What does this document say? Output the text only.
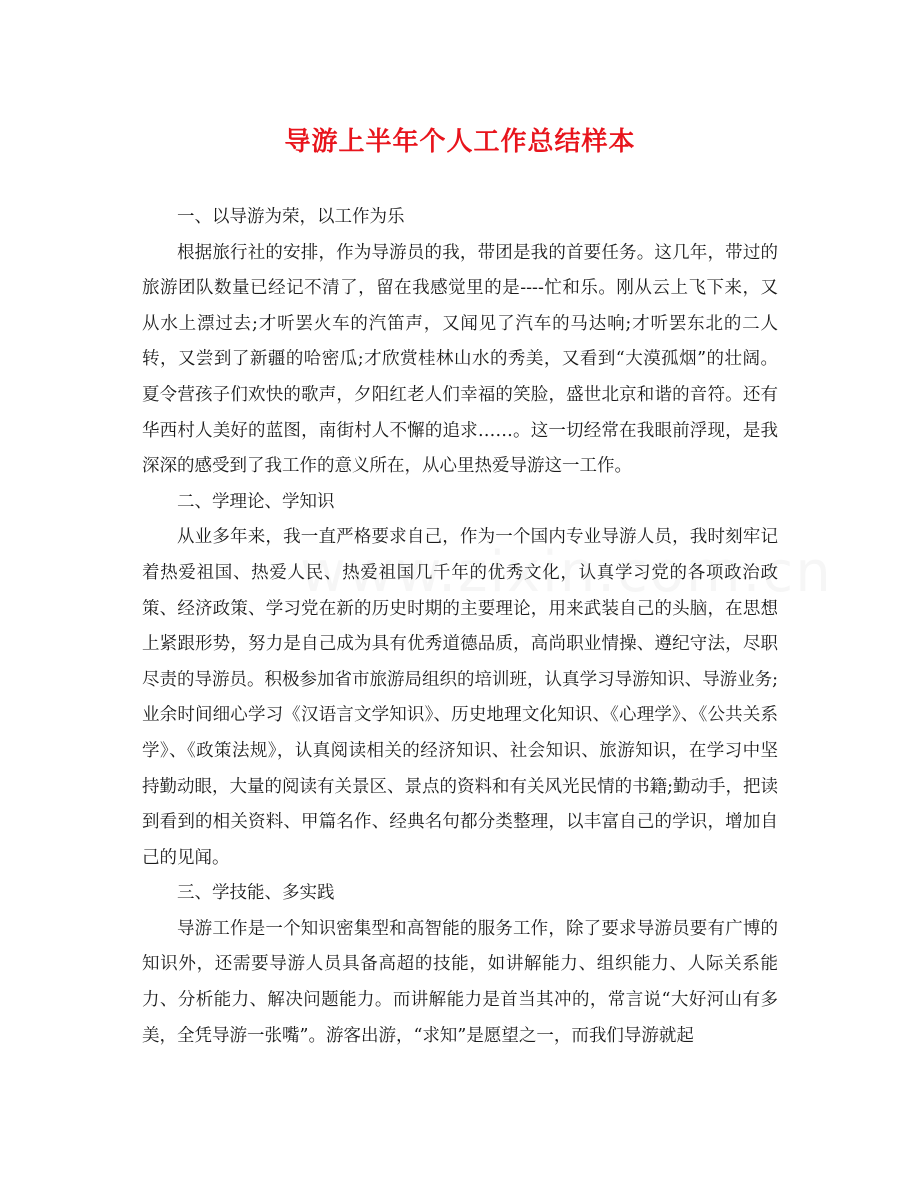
导游上半年个人工作总结样本

一、以导游为荣，以工作为乐

根据旅行社的安排，作为导游员的我，带团是我的首要任务。这几年，带过的旅游团队数量已经记不清了，留在我感觉里的是----忙和乐。刚从云上飞下来，又从水上漂过去;才听罢火车的汽笛声，又闻见了汽车的马达响;才听罢东北的二人转，又尝到了新疆的哈密瓜;才欣赏桂林山水的秀美，又看到“大漠孤烟”的壮阔。夏令营孩子们欢快的歌声，夕阳红老人们幸福的笑脸，盛世北京和谐的音符。还有华西村人美好的蓝图，南街村人不懈的追求……。这一切经常在我眼前浮现，是我深深的感受到了我工作的意义所在，从心里热爱导游这一工作。

二、学理论、学知识

从业多年来，我一直严格要求自己，作为一个国内专业导游人员，我时刻牢记着热爱祖国、热爱人民、热爱祖国几千年的优秀文化，认真学习党的各项政治政策、经济政策、学习党在新的历史时期的主要理论，用来武装自己的头脑，在思想上紧跟形势，努力是自己成为具有优秀道德品质，高尚职业情操、遵纪守法，尽职尽责的导游员。积极参加省市旅游局组织的培训班，认真学习导游知识、导游业务;业余时间细心学习《汉语言文学知识》、历史地理文化知识、《心理学》、《公共关系学》、《政策法规》，认真阅读相关的经济知识、社会知识、旅游知识，在学习中坚持勤动眼，大量的阅读有关景区、景点的资料和有关风光民情的书籍;勤动手，把读到看到的相关资料、甲篇名作、经典名句都分类整理，以丰富自己的学识，增加自己的见闻。

三、学技能、多实践

导游工作是一个知识密集型和高智能的服务工作，除了要求导游员要有广博的知识外，还需要导游人员具备高超的技能，如讲解能力、组织能力、人际关系能力、分析能力、解决问题能力。而讲解能力是首当其冲的，常言说“大好河山有多美，全凭导游一张嘴”。游客出游，“求知”是愿望之一，而我们导游就起
